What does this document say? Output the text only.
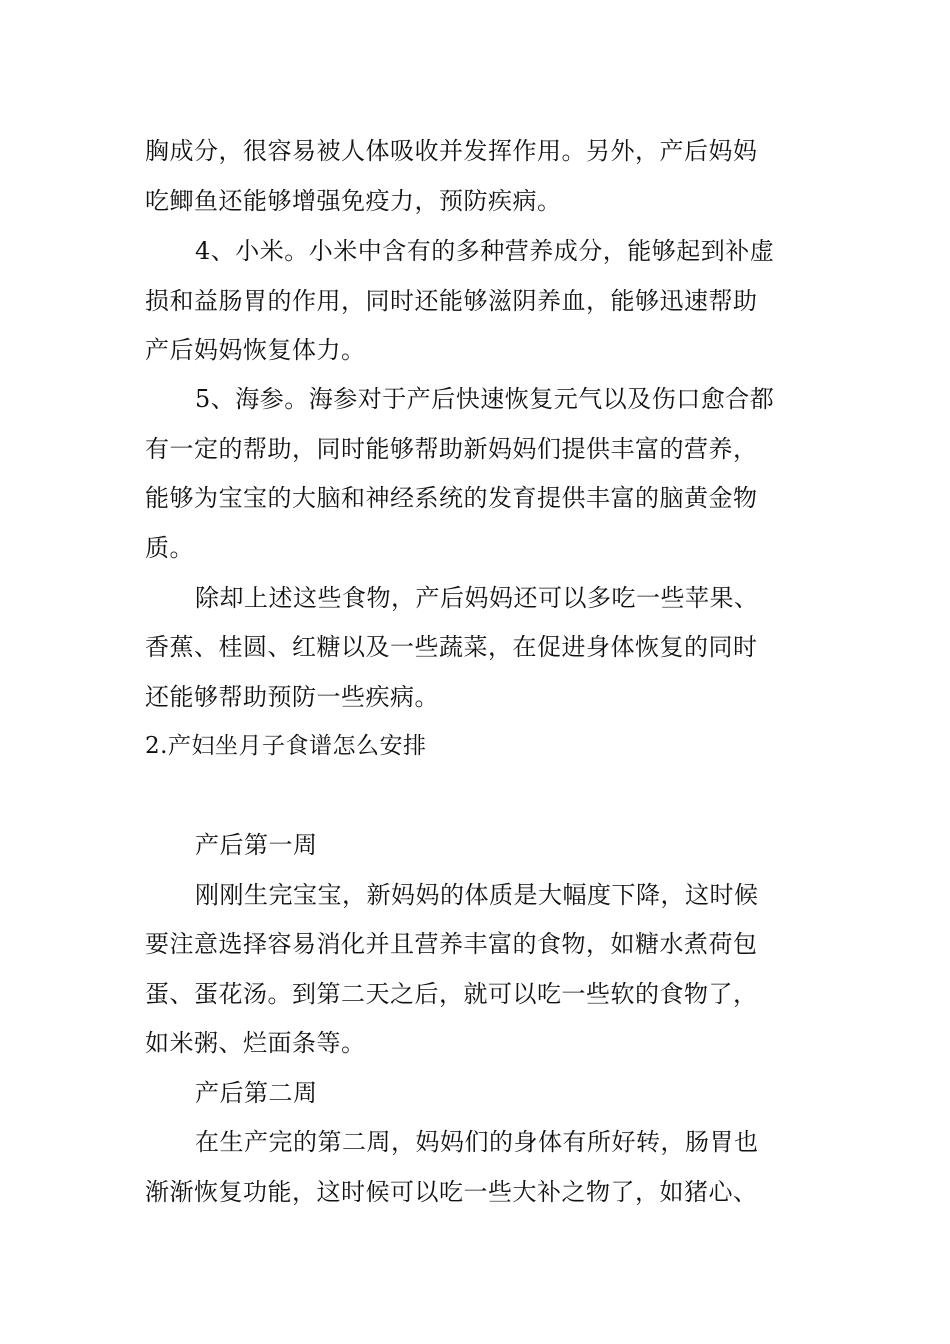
胸成分，很容易被人体吸收并发挥作用。另外，产后妈妈
吃鲫鱼还能够增强免疫力，预防疾病。
4、小米。小米中含有的多种营养成分，能够起到补虚
损和益肠胃的作用，同时还能够滋阴养血，能够迅速帮助
产后妈妈恢复体力。
5、海参。海参对于产后快速恢复元气以及伤口愈合都
有一定的帮助，同时能够帮助新妈妈们提供丰富的营养，
能够为宝宝的大脑和神经系统的发育提供丰富的脑黄金物
质。
除却上述这些食物，产后妈妈还可以多吃一些苹果、
香蕉、桂圆、红糖以及一些蔬菜，在促进身体恢复的同时
还能够帮助预防一些疾病。
2.产妇坐月子食谱怎么安排
产后第一周
刚刚生完宝宝，新妈妈的体质是大幅度下降，这时候
要注意选择容易消化并且营养丰富的食物，如糖水煮荷包
蛋、蛋花汤。到第二天之后，就可以吃一些软的食物了，
如米粥、烂面条等。
产后第二周
在生产完的第二周，妈妈们的身体有所好转，肠胃也
渐渐恢复功能，这时候可以吃一些大补之物了，如猪心、
